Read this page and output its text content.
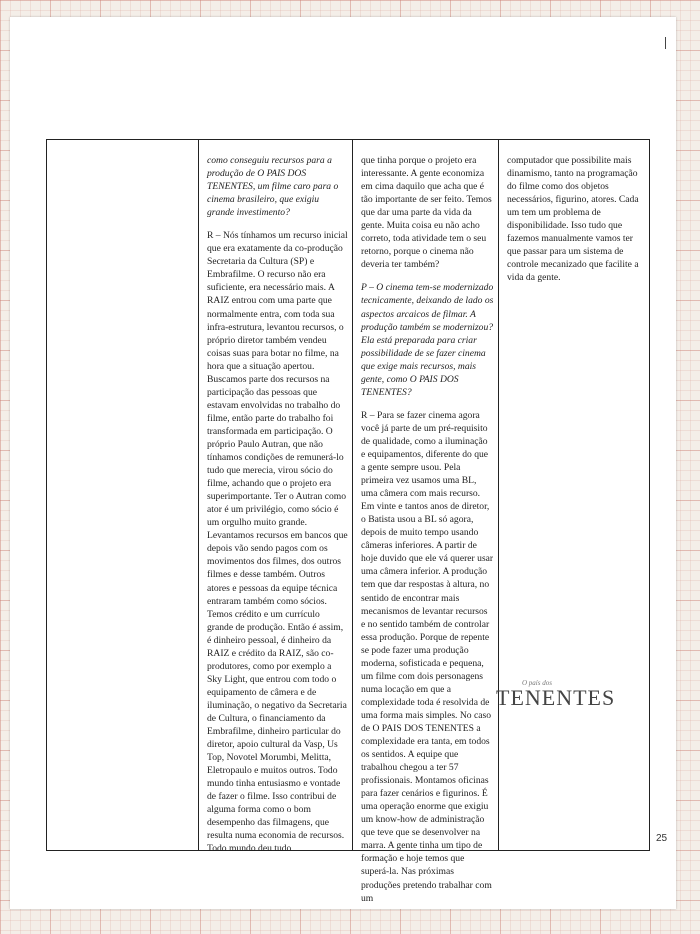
como conseguiu recursos para a produção de O PAIS DOS TENENTES, um filme caro para o cinema brasileiro, que exigiu grande investimento?

R – Nós tínhamos um recurso inicial que era exatamente da co-produção Secretaria da Cultura (SP) e Embrafilme. O recurso não era suficiente, era necessário mais. A RAIZ entrou com uma parte que normalmente entra, com toda sua infra-estrutura, levantou recursos, o próprio diretor também vendeu coisas suas para botar no filme, na hora que a situação apertou. Buscamos parte dos recursos na participação das pessoas que estavam envolvidas no trabalho do filme, então parte do trabalho foi transformada em participação. O próprio Paulo Autran, que não tínhamos condições de remunerá-lo tudo que merecia, virou sócio do filme, achando que o projeto era superimportante. Ter o Autran como ator é um privilégio, como sócio é um orgulho muito grande. Levantamos recursos em bancos que depois vão sendo pagos com os movimentos dos filmes, dos outros filmes e desse também. Outros atores e pessoas da equipe técnica entraram também como sócios. Temos crédito e um currículo grande de produção. Então é assim, é dinheiro pessoal, é dinheiro da RAIZ e crédito da RAIZ, são co-produtores, como por exemplo a Sky Light, que entrou com todo o equipamento de câmera e de iluminação, o negativo da Secretaria de Cultura, o financiamento da Embrafilme, dinheiro particular do diretor, apoio cultural da Vasp, Us Top, Novotel Morumbi, Melitta, Eletropaulo e muitos outros. Todo mundo tinha entusiasmo e vontade de fazer o filme. Isso contribui de alguma forma como o bom desempenho das filmagens, que resulta numa economia de recursos. Todo mundo deu tudo

que tinha porque o projeto era interessante. A gente economiza em cima daquilo que acha que é tão importante de ser feito. Temos que dar uma parte da vida da gente. Muita coisa eu não acho correto, toda atividade tem o seu retorno, porque o cinema não deveria ter também?

P – O cinema tem-se modernizado tecnicamente, deixando de lado os aspectos arcaicos de filmar. A produção também se modernizou? Ela está preparada para criar possibilidade de se fazer cinema que exige mais recursos, mais gente, como O PAIS DOS TENENTES?

R – Para se fazer cinema agora você já parte de um pré-requisito de qualidade, como a iluminação e equipamentos, diferente do que a gente sempre usou. Pela primeira vez usamos uma BL, uma câmera com mais recurso. Em vinte e tantos anos de diretor, o Batista usou a BL só agora, depois de muito tempo usando câmeras inferiores. A partir de hoje duvido que ele vá querer usar uma câmera inferior. A produção tem que dar respostas à altura, no sentido de encontrar mais mecanismos de levantar recursos e no sentido também de controlar essa produção. Porque de repente se pode fazer uma produção moderna, sofisticada e pequena, um filme com dois personagens numa locação em que a complexidade toda é resolvida de uma forma mais simples. No caso de O PAIS DOS TENENTES a complexidade era tanta, em todos os sentidos. A equipe que trabalhou chegou a ter 57 profissionais. Montamos oficinas para fazer cenários e figurinos. É uma operação enorme que exigiu um know-how de administração que teve que se desenvolver na marra. A gente tinha um tipo de formação e hoje temos que superá-la. Nas próximas produções pretendo trabalhar com um

computador que possibilite mais dinamismo, tanto na programação do filme como dos objetos necessários, figurino, atores. Cada um tem um problema de disponibilidade. Isso tudo que fazemos manualmente vamos ter que passar para um sistema de controle mecanizado que facilite a vida da gente.

O país dos
TENENTES
25
